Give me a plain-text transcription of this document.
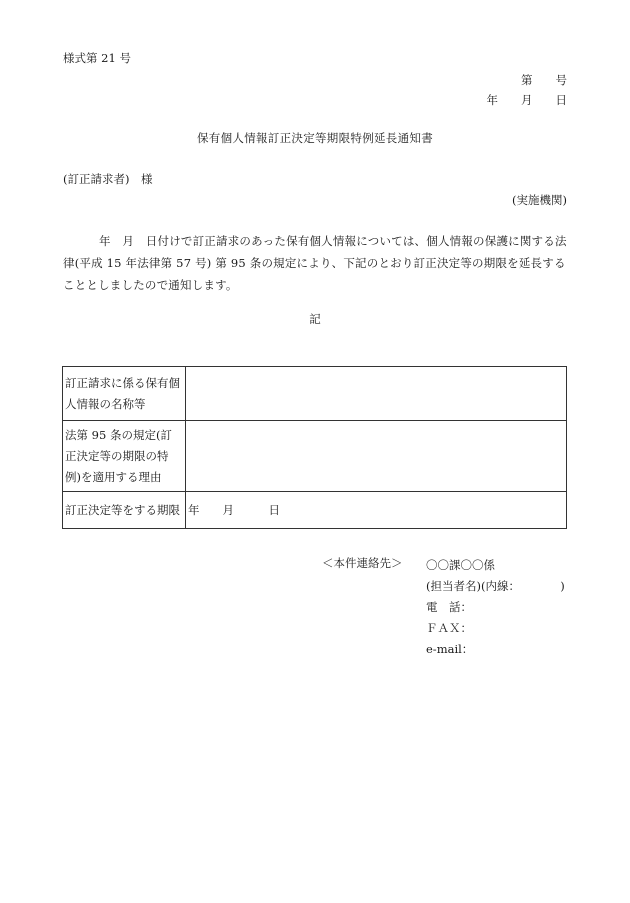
様式第 21 号
第　　号
年　　月　　日
保有個人情報訂正決定等期限特例延長通知書
(訂正請求者)　様
(実施機関)
年　月　日付けで訂正請求のあった保有個人情報については、個人情報の保護に関する法律(平成 15 年法律第 57 号) 第 95 条の規定により、下記のとおり訂正決定等の期限を延長することとしましたので通知します。
記
訂正請求に係る保有個人情報の名称等	
法第 95 条の規定(訂正決定等の期限の特例)を適用する理由	
訂正決定等をする期限	年　　月　　　日
＜本件連絡先＞ 〇〇課〇〇係
(担当者名)(内線：　　　　)
電　話：
ＦＡＸ：
e-mail：
